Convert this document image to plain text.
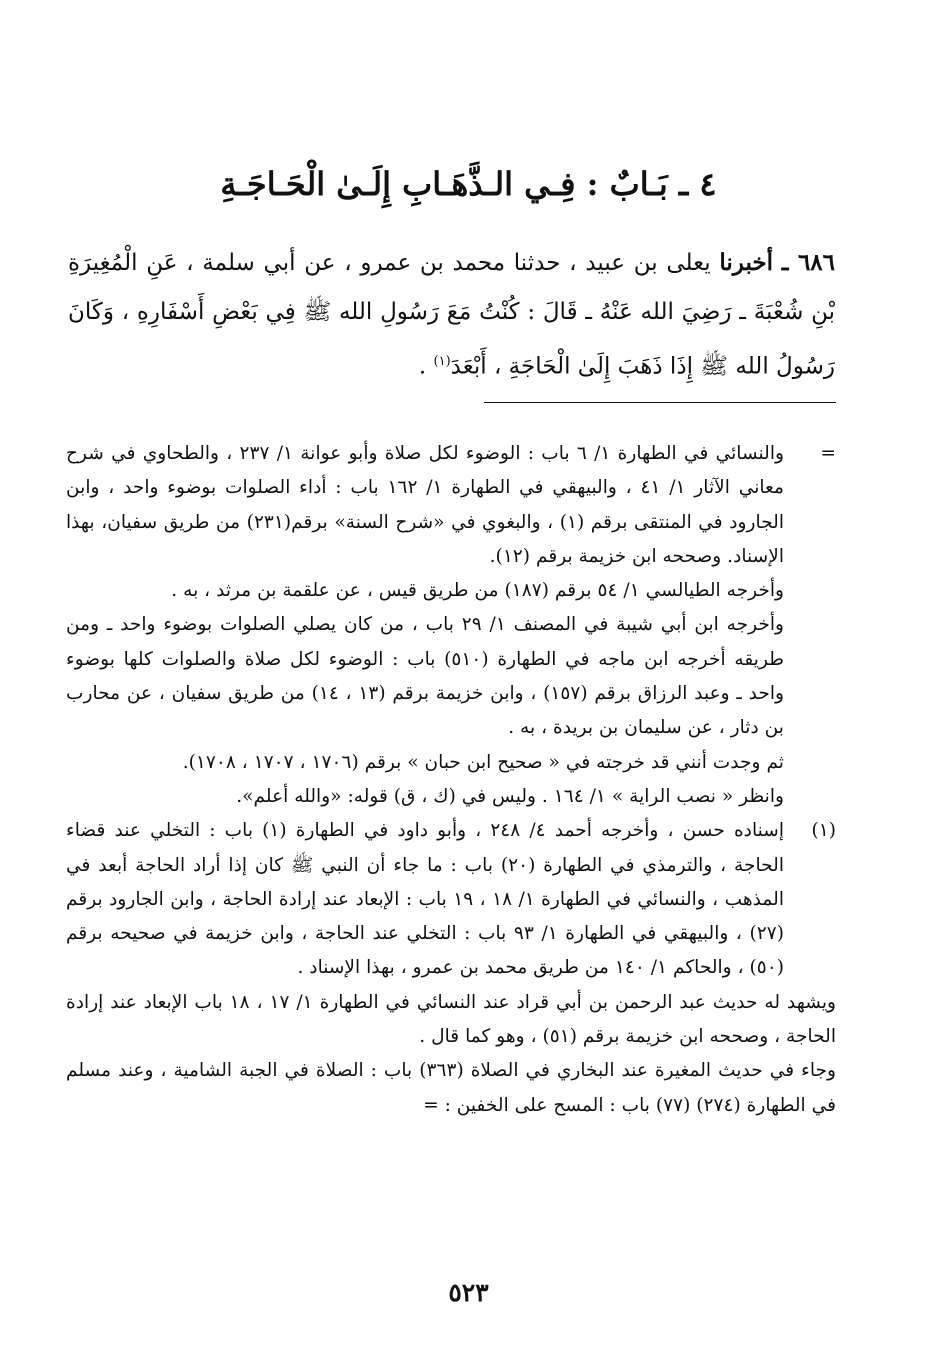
٤ ـ بَـابٌ : فِـي الـذَّهَـابِ إِلَـىٰ الْحَـاجَـةِ
٦٨٦ ـ أخبرنا يعلى بن عبيد ، حدثنا محمد بن عمرو ، عن أبي سلمة ، عَنِ الْمُغِيرَةِ بْنِ شُعْبَةَ ـ رَضِيَ الله عَنْهُ ـ قَالَ : كُنْتُ مَعَ رَسُولِ الله ﷺ فِي بَعْضِ أَسْفَارِهِ ، وَكَانَ رَسُولُ الله ﷺ إِذَا ذَهَبَ إِلَىٰ الْحَاجَةِ ، أَبْعَدَ$^{(١)}$ .
=

والنسائي في الطهارة ١/ ٦ باب : الوضوء لكل صلاة وأبو عوانة ١/ ٢٣٧ ، والطحاوي في شرح معاني الآثار ١/ ٤١ ، والبيهقي في الطهارة ١/ ١٦٢ باب : أداء الصلوات بوضوء واحد ، وابن الجارود في المنتقى برقم (١) ، والبغوي في «شرح السنة» برقم(٢٣١) من طريق سفيان، بهذا الإسناد. وصححه ابن خزيمة برقم (١٢).

وأخرجه الطيالسي ١/ ٥٤ برقم (١٨٧) من طريق قيس ، عن علقمة بن مرثد ، به .

وأخرجه ابن أبي شيبة في المصنف ١/ ٢٩ باب ، من كان يصلي الصلوات بوضوء واحد ـ ومن طريقه أخرجه ابن ماجه في الطهارة (٥١٠) باب : الوضوء لكل صلاة والصلوات كلها بوضوء واحد ـ وعبد الرزاق برقم (١٥٧) ، وابن خزيمة برقم (١٣ ، ١٤) من طريق سفيان ، عن محارب بن دثار ، عن سليمان بن بريدة ، به .

ثم وجدت أنني قد خرجته في « صحيح ابن حبان » برقم (١٧٠٦ ، ١٧٠٧ ، ١٧٠٨).

وانظر « نصب الراية » ١/ ١٦٤ . وليس في (ك ، ق) قوله: «والله أعلم».

(١)

إسناده حسن ، وأخرجه أحمد ٤/ ٢٤٨ ، وأبو داود في الطهارة (١) باب : التخلي عند قضاء الحاجة ، والترمذي في الطهارة (٢٠) باب : ما جاء أن النبي ﷺ كان إذا أراد الحاجة أبعد في المذهب ، والنسائي في الطهارة ١/ ١٨ ، ١٩ باب : الإبعاد عند إرادة الحاجة ، وابن الجارود برقم (٢٧) ، والبيهقي في الطهارة ١/ ٩٣ باب : التخلي عند الحاجة ، وابن خزيمة في صحيحه برقم (٥٠) ، والحاكم ١/ ١٤٠ من طريق محمد بن عمرو ، بهذا الإسناد .

ويشهد له حديث عبد الرحمن بن أبي قراد عند النسائي في الطهارة ١/ ١٧ ، ١٨ باب الإبعاد عند إرادة الحاجة ، وصححه ابن خزيمة برقم (٥١) ، وهو كما قال .

وجاء في حديث المغيرة عند البخاري في الصلاة (٣٦٣) باب : الصلاة في الجبة الشامية ، وعند مسلم في الطهارة (٢٧٤) (٧٧) باب : المسح على الخفين : =

٥٢٣
